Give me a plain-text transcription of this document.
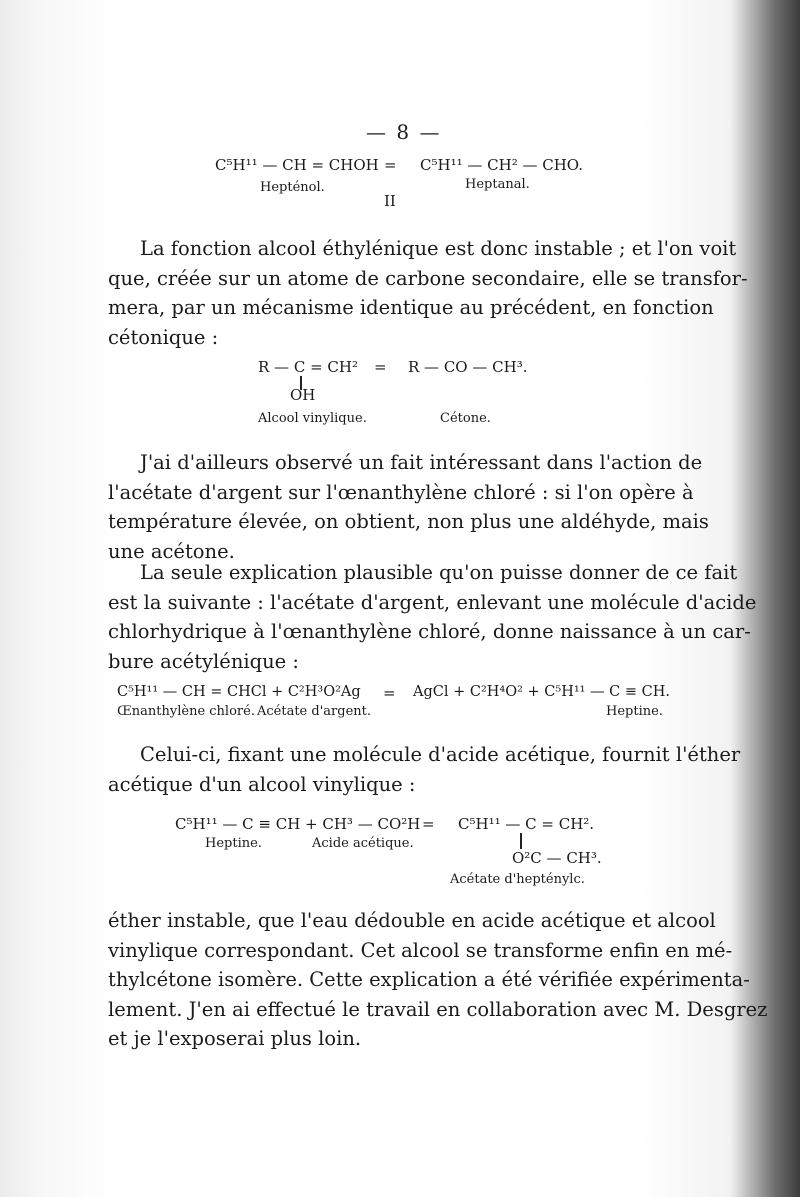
— 8 —
C⁵H¹¹ — CH = CHOH = C⁵H¹¹ — CH² — CHO.
Hepténol.	Heptanal.
II
La fonction alcool éthylénique est donc instable ; et l'on voit
que, créée sur un atome de carbone secondaire, elle se transfor-
mera, par un mécanisme identique au précédent, en fonction
cétonique :
R — C = CH² = R — CO — CH³.
OH
Alcool vinylique.	Cétone.
J'ai d'ailleurs observé un fait intéressant dans l'action de
l'acétate d'argent sur l'œnanthylène chloré : si l'on opère à
température élevée, on obtient, non plus une aldéhyde, mais
une acétone.
La seule explication plausible qu'on puisse donner de ce fait
est la suivante : l'acétate d'argent, enlevant une molécule d'acide
chlorhydrique à l'œnanthylène chloré, donne naissance à un car-
bure acétylénique :
C⁵H¹¹ — CH = CHCl + C²H³O²Ag = AgCl + C²H⁴O² + C⁵H¹¹ — C ≡ CH.
Œnanthylène chloré. Acétate d'argent.	Heptine.
Celui-ci, fixant une molécule d'acide acétique, fournit l'éther
acétique d'un alcool vinylique :
C⁵H¹¹ — C ≡ CH + CH³ — CO²H = C⁵H¹¹ — C = CH².
Heptine.	Acide acétique.
O²C — CH³.
Acétate d'hepténylc.
éther instable, que l'eau dédouble en acide acétique et alcool
vinylique correspondant. Cet alcool se transforme enfin en mé-
thylcétone isomère. Cette explication a été vérifiée expérimenta-
lement. J'en ai effectué le travail en collaboration avec M. Desgrez
et je l'exposerai plus loin.
